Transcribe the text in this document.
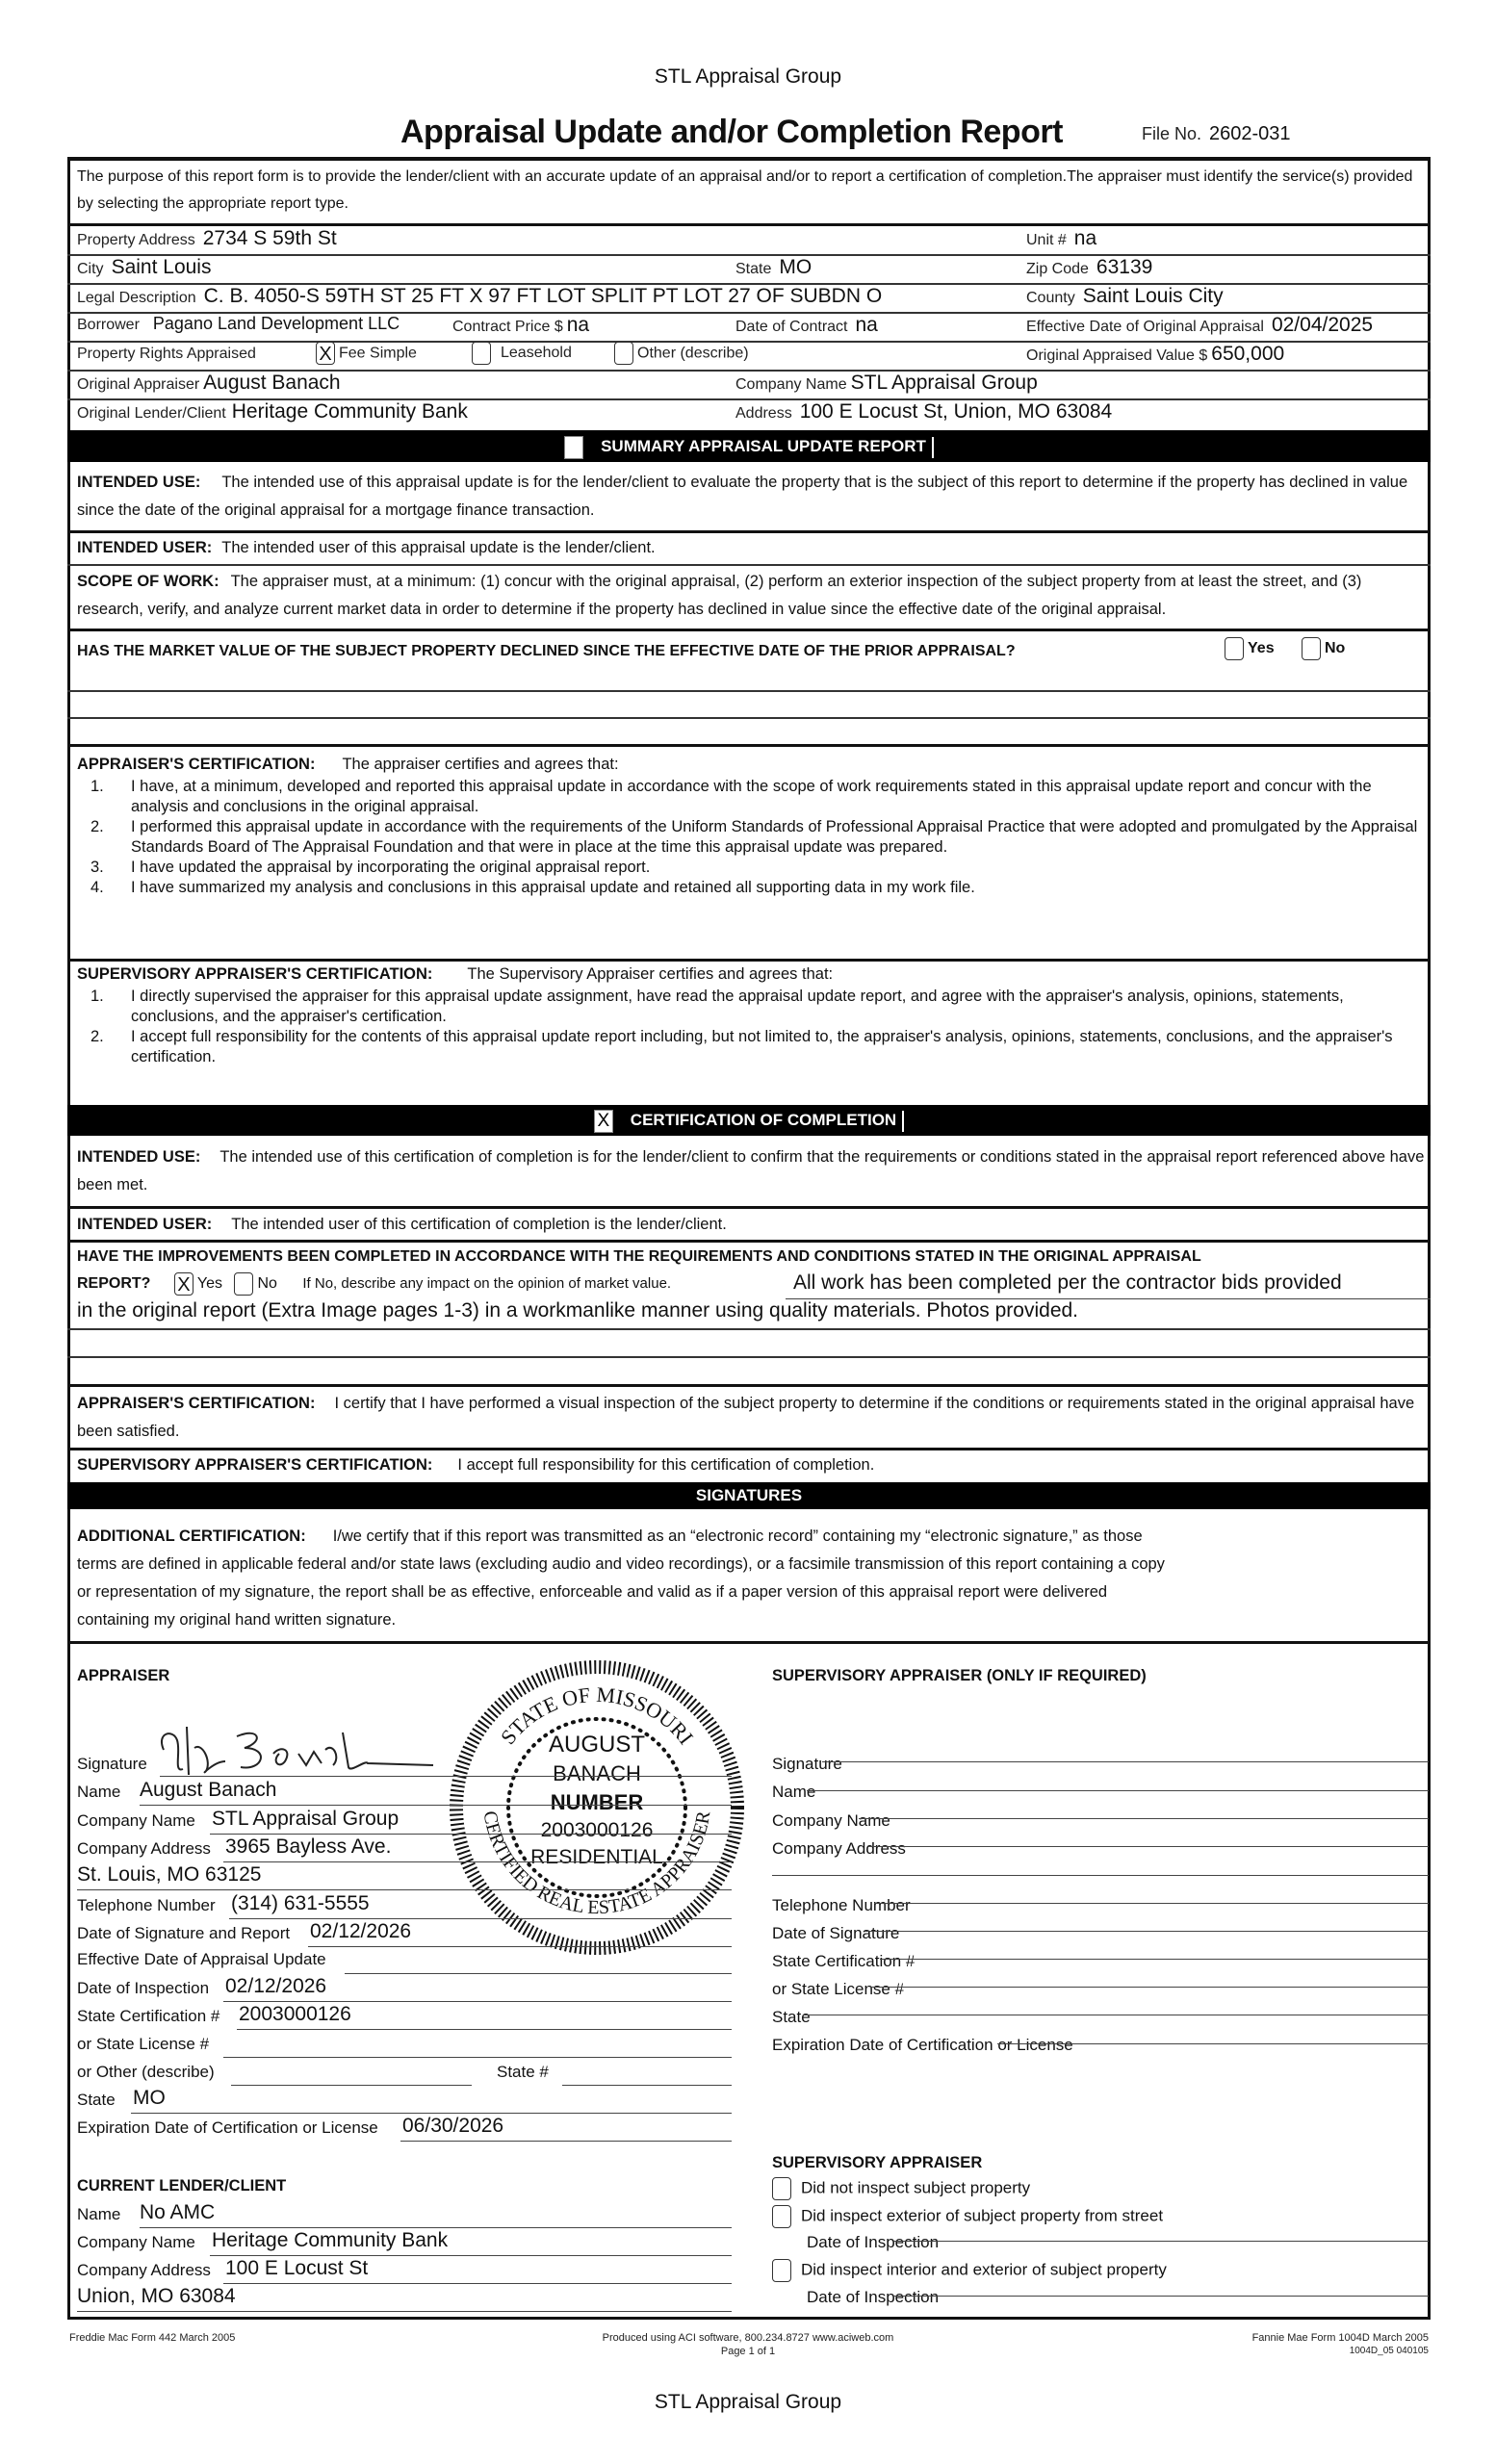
STL Appraisal Group
Appraisal Update and/or Completion Report	File No. 2602-031
The purpose of this report form is to provide the lender/client with an accurate update of an appraisal and/or to report a certification of completion.The appraiser must identify the service(s) provided by selecting the appropriate report type.
Property Address 2734 S 59th St	Unit # na
City Saint Louis	State MO	Zip Code 63139
Legal Description C. B. 4050-S 59TH ST 25 FT X 97 FT LOT SPLIT PT LOT 27 OF SUBDN O	County Saint Louis City
Borrower Pagano Land Development LLC	Contract Price $ na	Date of Contract na	Effective Date of Original Appraisal 02/04/2025
Property Rights Appraised	X Fee Simple	Leasehold	Other (describe)	Original Appraised Value $ 650,000
Original Appraiser August Banach	Company Name STL Appraisal Group
Original Lender/Client Heritage Community Bank	Address 100 E Locust St, Union, MO 63084
SUMMARY APPRAISAL UPDATE REPORT
INTENDED USE: The intended use of this appraisal update is for the lender/client to evaluate the property that is the subject of this report to determine if the property has declined in value since the date of the original appraisal for a mortgage finance transaction.
INTENDED USER: The intended user of this appraisal update is the lender/client.
SCOPE OF WORK: The appraiser must, at a minimum: (1) concur with the original appraisal, (2) perform an exterior inspection of the subject property from at least the street, and (3) research, verify, and analyze current market data in order to determine if the property has declined in value since the effective date of the original appraisal.
HAS THE MARKET VALUE OF THE SUBJECT PROPERTY DECLINED SINCE THE EFFECTIVE DATE OF THE PRIOR APPRAISAL?	Yes	No
APPRAISER'S CERTIFICATION: The appraiser certifies and agrees that:
1.	I have, at a minimum, developed and reported this appraisal update in accordance with the scope of work requirements stated in this appraisal update report and concur with the analysis and conclusions in the original appraisal.
2.	I performed this appraisal update in accordance with the requirements of the Uniform Standards of Professional Appraisal Practice that were adopted and promulgated by the Appraisal Standards Board of The Appraisal Foundation and that were in place at the time this appraisal update was prepared.
3.	I have updated the appraisal by incorporating the original appraisal report.
4.	I have summarized my analysis and conclusions in this appraisal update and retained all supporting data in my work file.
SUPERVISORY APPRAISER'S CERTIFICATION: The Supervisory Appraiser certifies and agrees that:
1.	I directly supervised the appraiser for this appraisal update assignment, have read the appraisal update report, and agree with the appraiser's analysis, opinions, statements, conclusions, and the appraiser's certification.
2.	I accept full responsibility for the contents of this appraisal update report including, but not limited to, the appraiser's analysis, opinions, statements, conclusions, and the appraiser's certification.
X CERTIFICATION OF COMPLETION
INTENDED USE: The intended use of this certification of completion is for the lender/client to confirm that the requirements or conditions stated in the appraisal report referenced above have been met.
INTENDED USER: The intended user of this certification of completion is the lender/client.
HAVE THE IMPROVEMENTS BEEN COMPLETED IN ACCORDANCE WITH THE REQUIREMENTS AND CONDITIONS STATED IN THE ORIGINAL APPRAISAL
REPORT? X Yes No If No, describe any impact on the opinion of market value.	All work has been completed per the contractor bids provided
in the original report (Extra Image pages 1-3) in a workmanlike manner using quality materials. Photos provided.
APPRAISER'S CERTIFICATION: I certify that I have performed a visual inspection of the subject property to determine if the conditions or requirements stated in the original appraisal have been satisfied.
SUPERVISORY APPRAISER'S CERTIFICATION: I accept full responsibility for this certification of completion.
SIGNATURES
ADDITIONAL CERTIFICATION: I/we certify that if this report was transmitted as an “electronic record” containing my “electronic signature,” as those
terms are defined in applicable federal and/or state laws (excluding audio and video recordings), or a facsimile transmission of this report containing a copy
or representation of my signature, the report shall be as effective, enforceable and valid as if a paper version of this appraisal report were delivered
containing my original hand written signature.
APPRAISER
STATE OF MISSOURI
CERTIFIED REAL ESTATE APPRAISER
AUGUST
BANACH
NUMBER
2003000126
RESIDENTIAL
Signature
Name August Banach
Company Name STL Appraisal Group
Company Address 3965 Bayless Ave.
St. Louis, MO 63125
Telephone Number (314) 631-5555
Date of Signature and Report 02/12/2026
Effective Date of Appraisal Update
Date of Inspection 02/12/2026
State Certification # 2003000126
or State License #
or Other (describe)	State #
State MO
Expiration Date of Certification or License 06/30/2026
CURRENT LENDER/CLIENT
Name No AMC
Company Name Heritage Community Bank
Company Address 100 E Locust St
Union, MO 63084
SUPERVISORY APPRAISER (ONLY IF REQUIRED)
Signature
Name
Company Name
Company Address
Telephone Number
Date of Signature
State Certification #
or State License #
State
Expiration Date of Certification or License
SUPERVISORY APPRAISER
Did not inspect subject property
Did inspect exterior of subject property from street
Date of Inspection
Did inspect interior and exterior of subject property
Date of Inspection
Freddie Mac Form 442 March 2005	Produced using ACI software, 800.234.8727 www.aciweb.com
Page 1 of 1
Fannie Mae Form 1004D March 2005
1004D_05 040105
STL Appraisal Group
